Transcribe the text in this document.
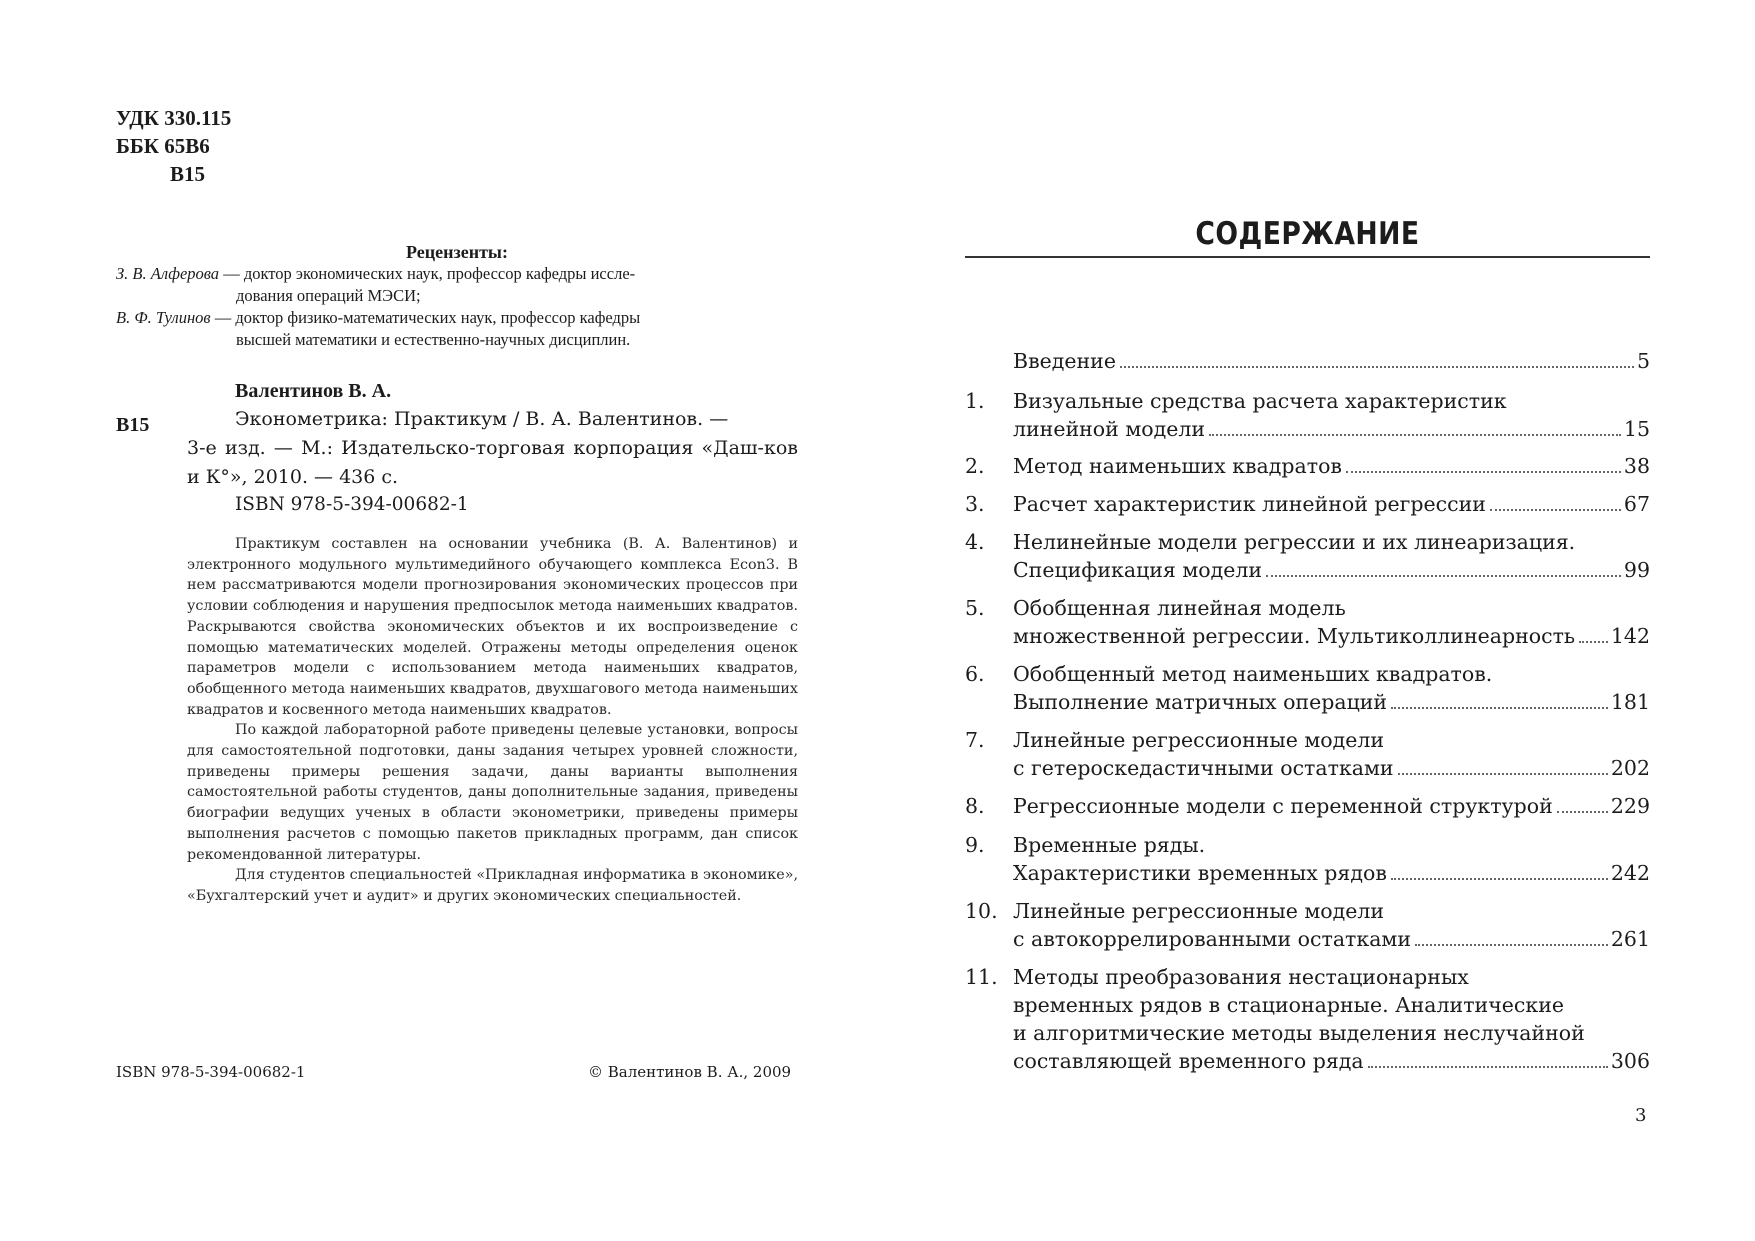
УДК 330.115
ББК 65В6
В15
Рецензенты:
З. В. Алферова — доктор экономических наук, профессор кафедры иссле-
дования операций МЭСИ;
В. Ф. Тулинов — доктор физико-математических наук, профессор кафедры
высшей математики и естественно-научных дисциплин.
Валентинов В. А.
В15	Эконометрика: Практикум / В. А. Валентинов. —
3-е изд. — М.: Издательско-торговая корпорация «Даш-ков и К°», 2010. — 436 с.
ISBN 978-5-394-00682-1

Практикум составлен на основании учебника (В. А. Валентинов) и электронного модульного мультимедийного обучающего комплекса Econ3. В нем рассматриваются модели прогнозирования экономических процессов при условии соблюдения и нарушения предпосылок метода наименьших квадратов. Раскрываются свойства экономических объектов и их воспроизведение с помощью математических моделей. Отражены методы определения оценок параметров модели с использованием метода наименьших квадратов, обобщенного метода наименьших квадратов, двухшагового метода наименьших квадратов и косвенного метода наименьших квадратов.

По каждой лабораторной работе приведены целевые установки, вопросы для самостоятельной подготовки, даны задания четырех уровней сложности, приведены примеры решения задачи, даны варианты выполнения самостоятельной работы студентов, даны дополнительные задания, приведены биографии ведущих ученых в области эконометрики, приведены примеры выполнения расчетов с помощью пакетов прикладных программ, дан список рекомендованной литературы.

Для студентов специальностей «Прикладная информатика в экономике», «Бухгалтерский учет и аудит» и других экономических специальностей.

ISBN 978-5-394-00682-1	© Валентинов В. А., 2009
СОДЕРЖАНИЕ
Введение	5
1. Визуальные средства расчета характеристик
линейной модели	15
2. Метод наименьших квадратов	38
3. Расчет характеристик линейной регрессии	67
4. Нелинейные модели регрессии и их линеаризация.
Спецификация модели	99
5. Обобщенная линейная модель
множественной регрессии. Мультиколлинеарность 142
6. Обобщенный метод наименьших квадратов.
Выполнение матричных операций	181
7. Линейные регрессионные модели
с гетероскедастичными остатками	202
8. Регрессионные модели с переменной структурой	229
9. Временные ряды.
Характеристики временных рядов	242
10. Линейные регрессионные модели
с автокоррелированными остатками	261
11. Методы преобразования нестационарных
временных рядов в стационарные. Аналитические
и алгоритмические методы выделения неслучайной
составляющей временного ряда	306
3
